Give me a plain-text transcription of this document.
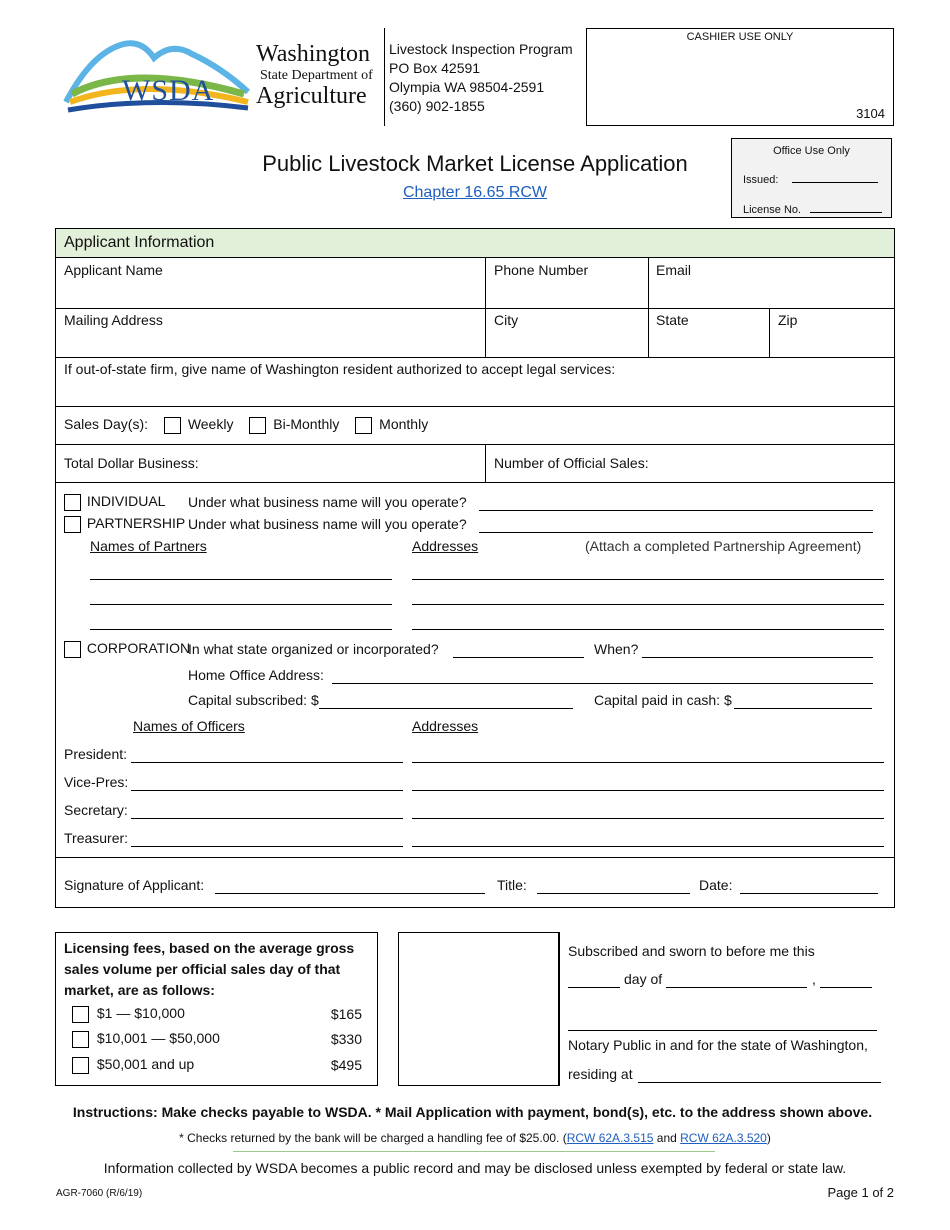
WSDA
Washington
State Department of
Agriculture
Livestock Inspection Program
PO Box 42591
Olympia WA 98504-2591
(360) 902-1855
CASHIER USE ONLY
3104
Public Livestock Market License Application
Chapter 16.65 RCW
Office Use Only
Issued:
License No.
Applicant Information
Applicant Name	Phone Number	Email
Mailing Address	City	State	Zip
If out-of-state firm, give name of Washington resident authorized to accept legal services:
Sales Day(s):	Weekly	Bi-Monthly	Monthly
Total Dollar Business:	Number of Official Sales:
INDIVIDUAL Under what business name will you operate?
PARTNERSHIP Under what business name will you operate?
Names of Partners	Addresses	(Attach a completed Partnership Agreement)
CORPORATION
In what state organized or incorporated?	When?
Home Office Address:
Capital subscribed: $	Capital paid in cash: $
Names of Officers	Addresses
President:
Vice-Pres:
Secretary:
Treasurer:
Signature of Applicant:	Title:	Date:
Licensing fees, based on the average gross sales volume per official sales day of that market, are as follows:
$1 — $10,000	$165
$10,001 — $50,000	$330
$50,001 and up	$495
Subscribed and sworn to before me this
day of	,
Notary Public in and for the state of Washington,
residing at
Instructions: Make checks payable to WSDA. * Mail Application with payment, bond(s), etc. to the address shown above.
* Checks returned by the bank will be charged a handling fee of $25.00. (RCW 62A.3.515 and RCW 62A.3.520)
Information collected by WSDA becomes a public record and may be disclosed unless exempted by federal or state law.
AGR-7060 (R/6/19)	Page 1 of 2
